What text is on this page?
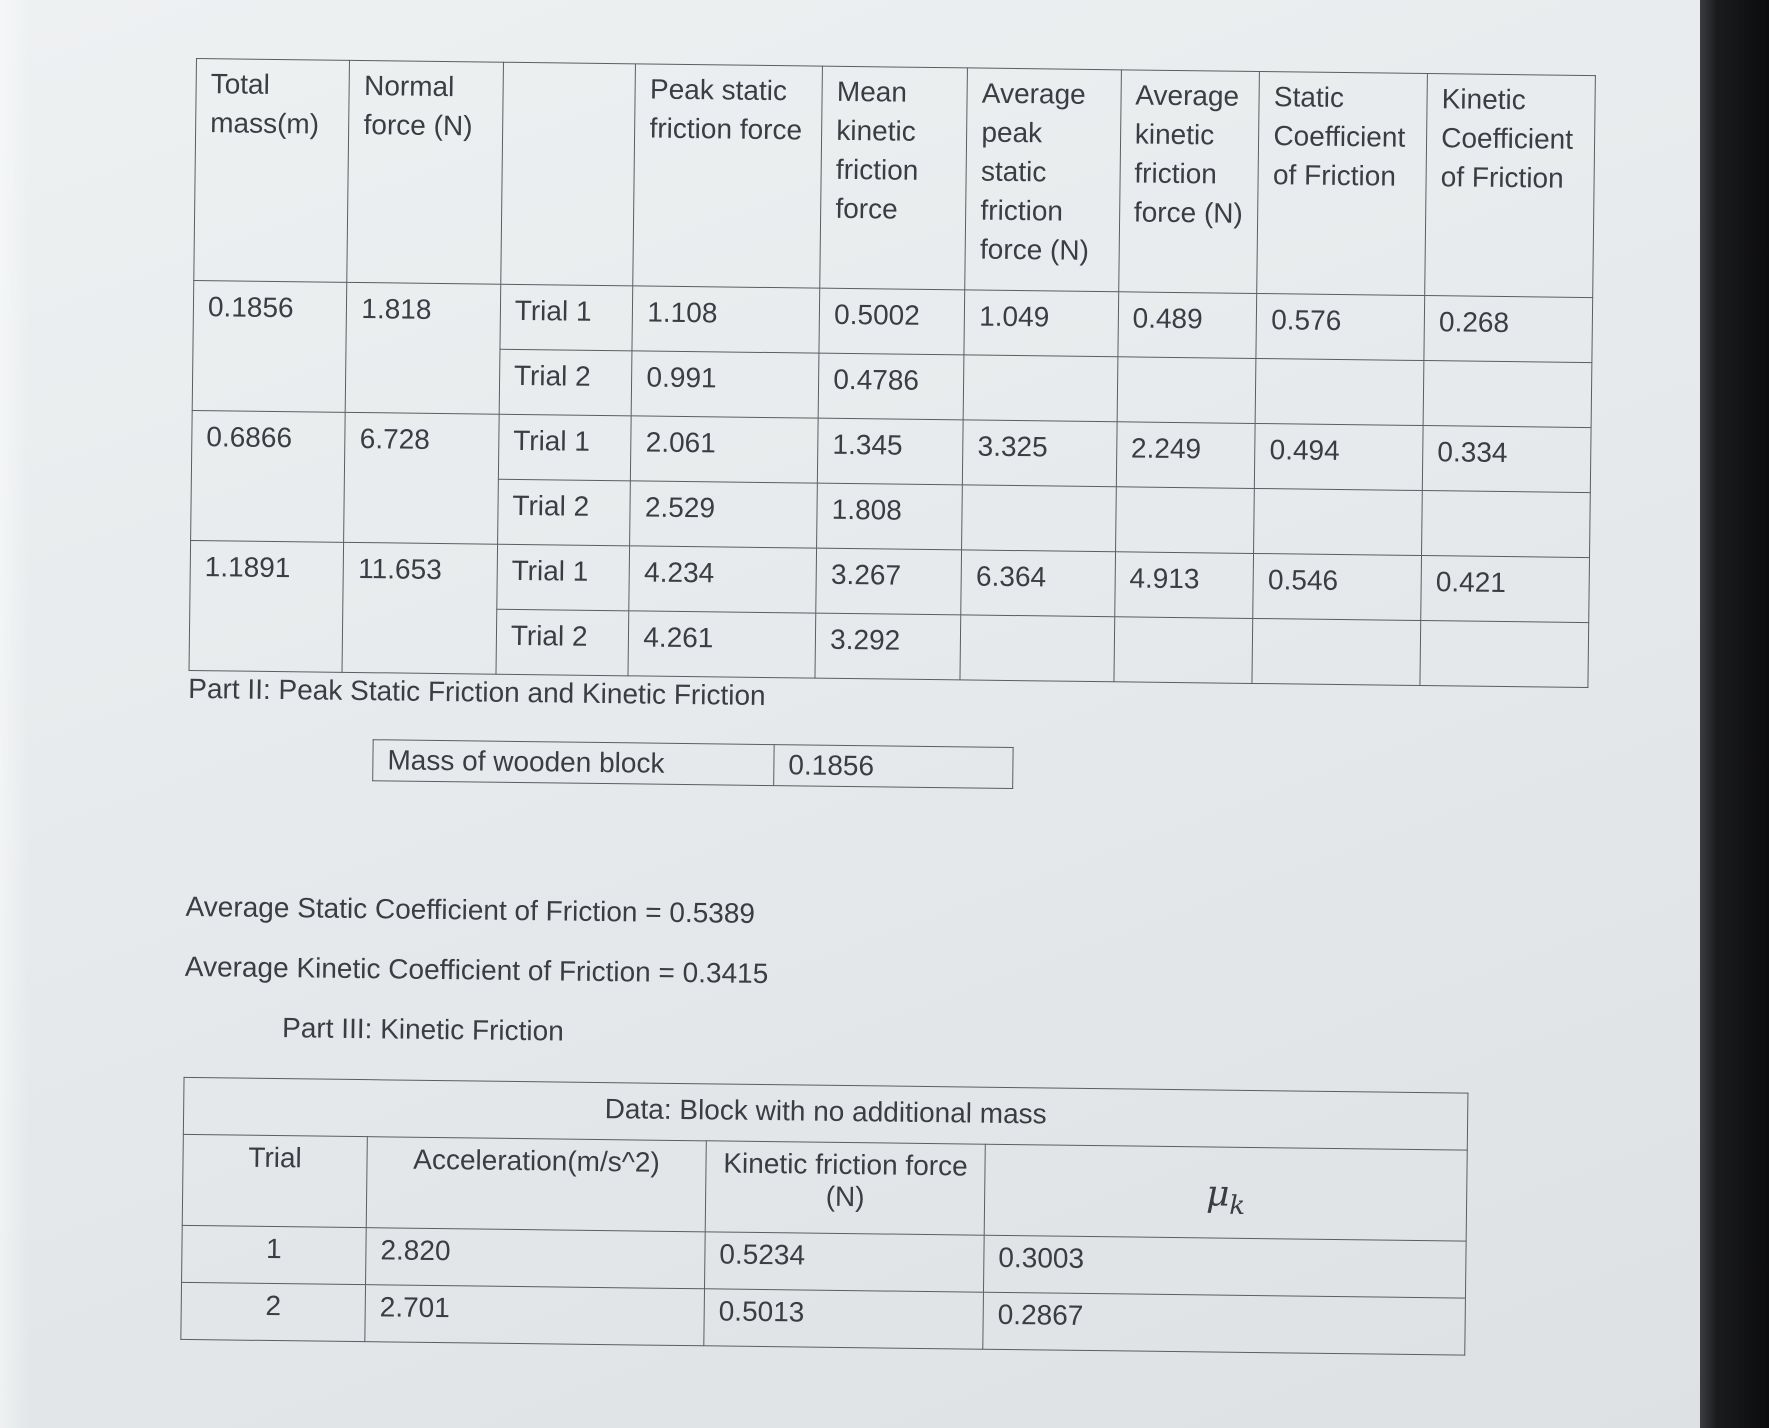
Total mass(m)	Normal force (N)		Peak static friction force	Mean kinetic friction force	Average peak static friction force (N)	Average kinetic friction force (N)	Static Coefficient of Friction	Kinetic Coefficient of Friction
0.1856	1.818	Trial 1	1.108	0.5002	1.049	0.489	0.576	0.268
		Trial 2	0.991	0.4786				
0.6866	6.728	Trial 1	2.061	1.345	3.325	2.249	0.494	0.334
		Trial 2	2.529	1.808				
1.1891	11.653	Trial 1	4.234	3.267	6.364	4.913	0.546	0.421
		Trial 2	4.261	3.292				
Part II: Peak Static Friction and Kinetic Friction
Mass of wooden block	0.1856
Average Static Coefficient of Friction = 0.5389
Average Kinetic Coefficient of Friction = 0.3415
Part III: Kinetic Friction
Data: Block with no additional mass			
Trial	Acceleration(m/s^2)	Kinetic friction force (N)	$\mu_k$

1	2.820	0.5234	0.3003
2	2.701	0.5013	0.2867
